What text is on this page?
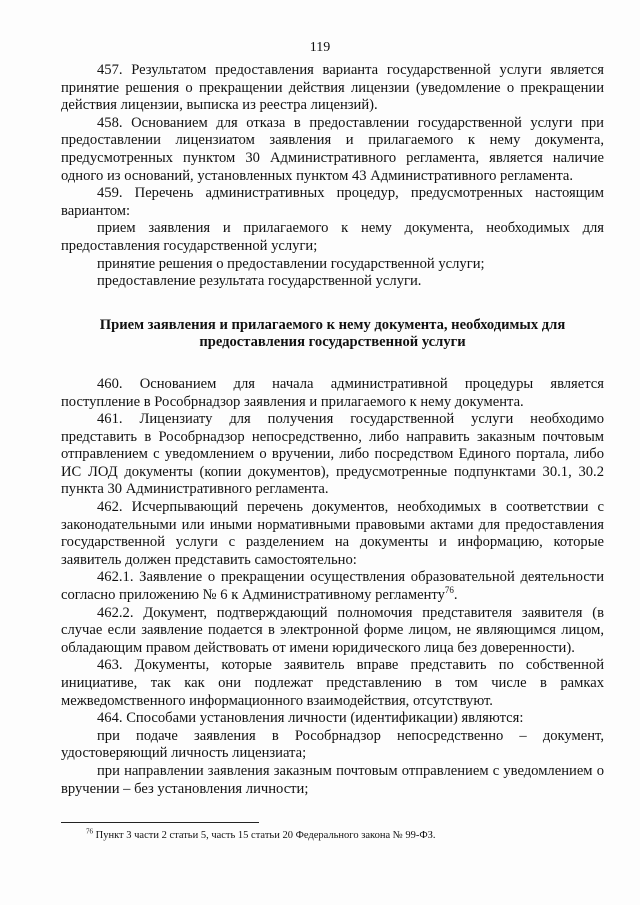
119

457. Результатом предоставления варианта государственной услуги является принятие решения о прекращении действия лицензии (уведомление о прекращении действия лицензии, выписка из реестра лицензий).

458. Основанием для отказа в предоставлении государственной услуги при предоставлении лицензиатом заявления и прилагаемого к нему документа, предусмотренных пунктом 30 Административного регламента, является наличие одного из оснований, установленных пунктом 43 Административного регламента.

459. Перечень административных процедур, предусмотренных настоящим вариантом:

прием заявления и прилагаемого к нему документа, необходимых для предоставления государственной услуги;

принятие решения о предоставлении государственной услуги;

предоставление результата государственной услуги.

Прием заявления и прилагаемого к нему документа, необходимых для предоставления государственной услуги

460. Основанием для начала административной процедуры является поступление в Рособрнадзор заявления и прилагаемого к нему документа.

461. Лицензиату для получения государственной услуги необходимо представить в Рособрнадзор непосредственно, либо направить заказным почтовым отправлением с уведомлением о вручении, либо посредством Единого портала, либо ИС ЛОД документы (копии документов), предусмотренные подпунктами 30.1, 30.2 пункта 30 Административного регламента.

462. Исчерпывающий перечень документов, необходимых в соответствии с законодательными или иными нормативными правовыми актами для предоставления государственной услуги с разделением на документы и информацию, которые заявитель должен представить самостоятельно:

462.1. Заявление о прекращении осуществления образовательной деятельности согласно приложению № 6 к Административному регламенту$^{76}$.

462.2. Документ, подтверждающий полномочия представителя заявителя (в случае если заявление подается в электронной форме лицом, не являющимся лицом, обладающим правом действовать от имени юридического лица без доверенности).

463. Документы, которые заявитель вправе представить по собственной инициативе, так как они подлежат представлению в том числе в рамках межведомственного информационного взаимодействия, отсутствуют.

464. Способами установления личности (идентификации) являются:

при подаче заявления в Рособрнадзор непосредственно – документ, удостоверяющий личность лицензиата;

при направлении заявления заказным почтовым отправлением с уведомлением о вручении – без установления личности;

$^{76}$ Пункт 3 части 2 статьи 5, часть 15 статьи 20 Федерального закона № 99-ФЗ.
